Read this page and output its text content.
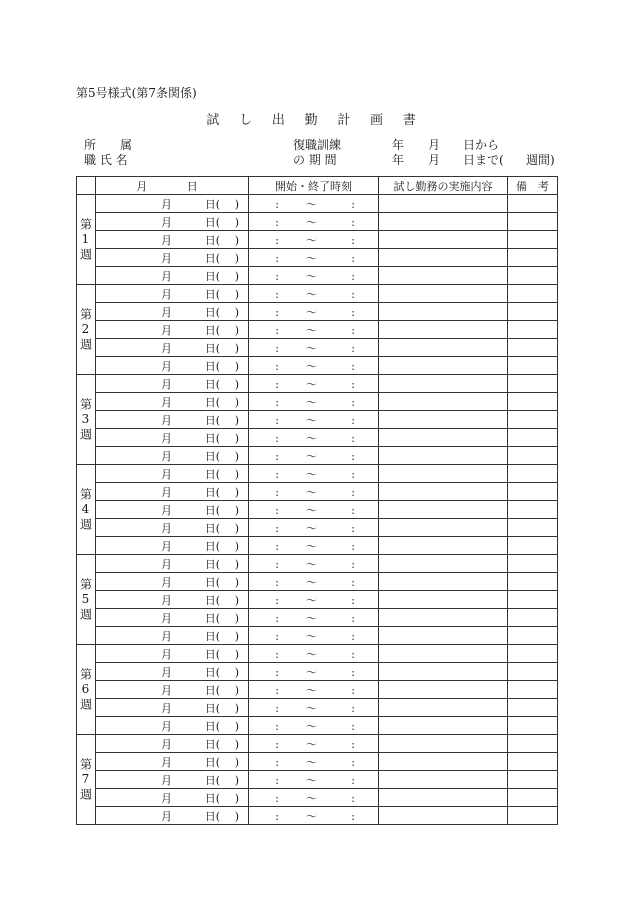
第5号様式(第7条関係)
試 し 出 勤 計 画 書
所　　属
職 氏 名
復職訓練
の 期 間
年 月 日から
年 月 日まで( 週間)
	月 日	開始・終了時刻	試し勤務の実施内容	備　考
第1週	月 日( )	: 〜 :		
	月 日( )	: 〜 :		
	月 日( )	: 〜 :		
	月 日( )	: 〜 :		
	月 日( )	: 〜 :		
第2週	月 日( )	: 〜 :		
	月 日( )	: 〜 :		
	月 日( )	: 〜 :		
	月 日( )	: 〜 :		
	月 日( )	: 〜 :		
第3週	月 日( )	: 〜 :		
	月 日( )	: 〜 :		
	月 日( )	: 〜 :		
	月 日( )	: 〜 :		
	月 日( )	: 〜 :		
第4週	月 日( )	: 〜 :		
	月 日( )	: 〜 :		
	月 日( )	: 〜 :		
	月 日( )	: 〜 :		
	月 日( )	: 〜 :		
第5週	月 日( )	: 〜 :		
	月 日( )	: 〜 :		
	月 日( )	: 〜 :		
	月 日( )	: 〜 :		
	月 日( )	: 〜 :		
第6週	月 日( )	: 〜 :		
	月 日( )	: 〜 :		
	月 日( )	: 〜 :		
	月 日( )	: 〜 :		
	月 日( )	: 〜 :		
第7週	月 日( )	: 〜 :		
	月 日( )	: 〜 :		
	月 日( )	: 〜 :		
	月 日( )	: 〜 :		
	月 日( )	: 〜 :		
